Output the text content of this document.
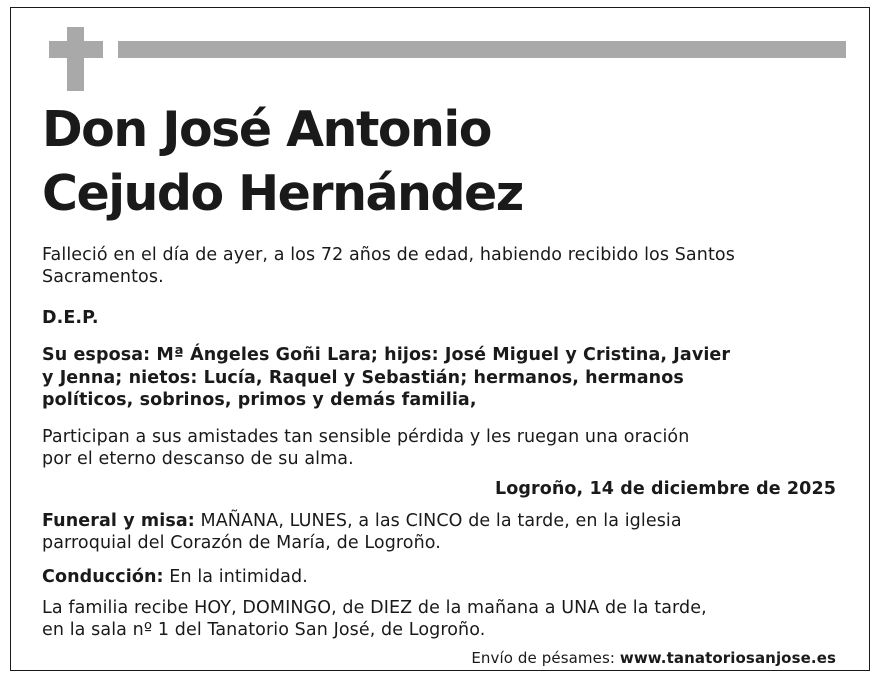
Don José Antonio
Cejudo Hernández

Falleció en el día de ayer, a los 72 años de edad, habiendo recibido los Santos
Sacramentos.

D.E.P.

Su esposa: Mª Ángeles Goñi Lara; hijos: José Miguel y Cristina, Javier
y Jenna; nietos: Lucía, Raquel y Sebastián; hermanos, hermanos
políticos, sobrinos, primos y demás familia,

Participan a sus amistades tan sensible pérdida y les ruegan una oración
por el eterno descanso de su alma.

Logroño, 14 de diciembre de 2025

Funeral y misa: MAÑANA, LUNES, a las CINCO de la tarde, en la iglesia
parroquial del Corazón de María, de Logroño.

Conducción: En la intimidad.

La familia recibe HOY, DOMINGO, de DIEZ de la mañana a UNA de la tarde,
en la sala nº 1 del Tanatorio San José, de Logroño.

Envío de pésames: www.tanatoriosanjose.es
